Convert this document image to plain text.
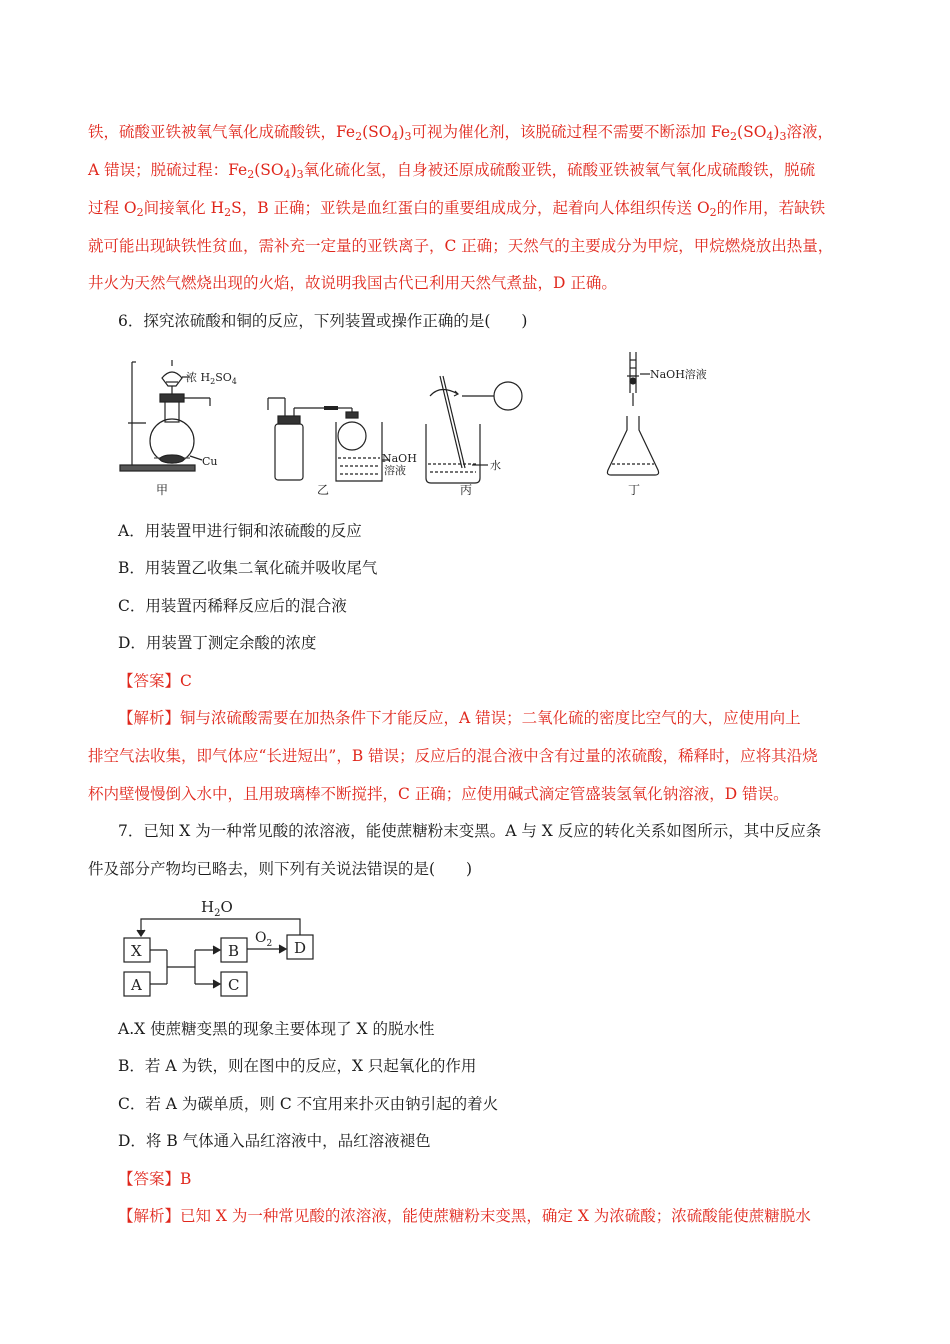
铁，硫酸亚铁被氧气氧化成硫酸铁，$Fe_2(SO_4)_3$可视为催化剂，该脱硫过程不需要不断添加 $Fe_2(SO_4)_3$溶液，
A 错误；脱硫过程：$Fe_2(SO_4)_3$氧化硫化氢，自身被还原成硫酸亚铁，硫酸亚铁被氧气氧化成硫酸铁，脱硫
过程 $O_2$间接氧化 $H_2S$，B 正确；亚铁是血红蛋白的重要组成成分，起着向人体组织传送 $O_2$的作用，若缺铁
就可能出现缺铁性贫血，需补充一定量的亚铁离子，C 正确；天然气的主要成分为甲烷，甲烷燃烧放出热量，
井火为天然气燃烧出现的火焰，故说明我国古代已利用天然气煮盐，D 正确。
6．探究浓硫酸和铜的反应，下列装置或操作正确的是(　　)
浓 $H_2SO_4$
Cu	NaOH
溶液	水
NaOH溶液
甲	乙	丙	丁
A．用装置甲进行铜和浓硫酸的反应
B．用装置乙收集二氧化硫并吸收尾气
C．用装置丙稀释反应后的混合液
D．用装置丁测定余酸的浓度
【答案】C
【解析】铜与浓硫酸需要在加热条件下才能反应，A 错误；二氧化硫的密度比空气的大，应使用向上
排空气法收集，即气体应“长进短出”，B 错误；反应后的混合液中含有过量的浓硫酸，稀释时，应将其沿烧
杯内壁慢慢倒入水中，且用玻璃棒不断搅拌，C 正确；应使用碱式滴定管盛装氢氧化钠溶液，D 错误。
7．已知 X 为一种常见酸的浓溶液，能使蔗糖粉末变黑。A 与 X 反应的转化关系如图所示，其中反应条
件及部分产物均已略去，则下列有关说法错误的是(　　)
$H_2O$
X
A
B
C
D
$O_2$
A.X 使蔗糖变黑的现象主要体现了 X 的脱水性
B．若 A 为铁，则在图中的反应，X 只起氧化的作用
C．若 A 为碳单质，则 C 不宜用来扑灭由钠引起的着火
D．将 B 气体通入品红溶液中，品红溶液褪色
【答案】B
【解析】已知 X 为一种常见酸的浓溶液，能使蔗糖粉末变黑，确定 X 为浓硫酸；浓硫酸能使蔗糖脱水
